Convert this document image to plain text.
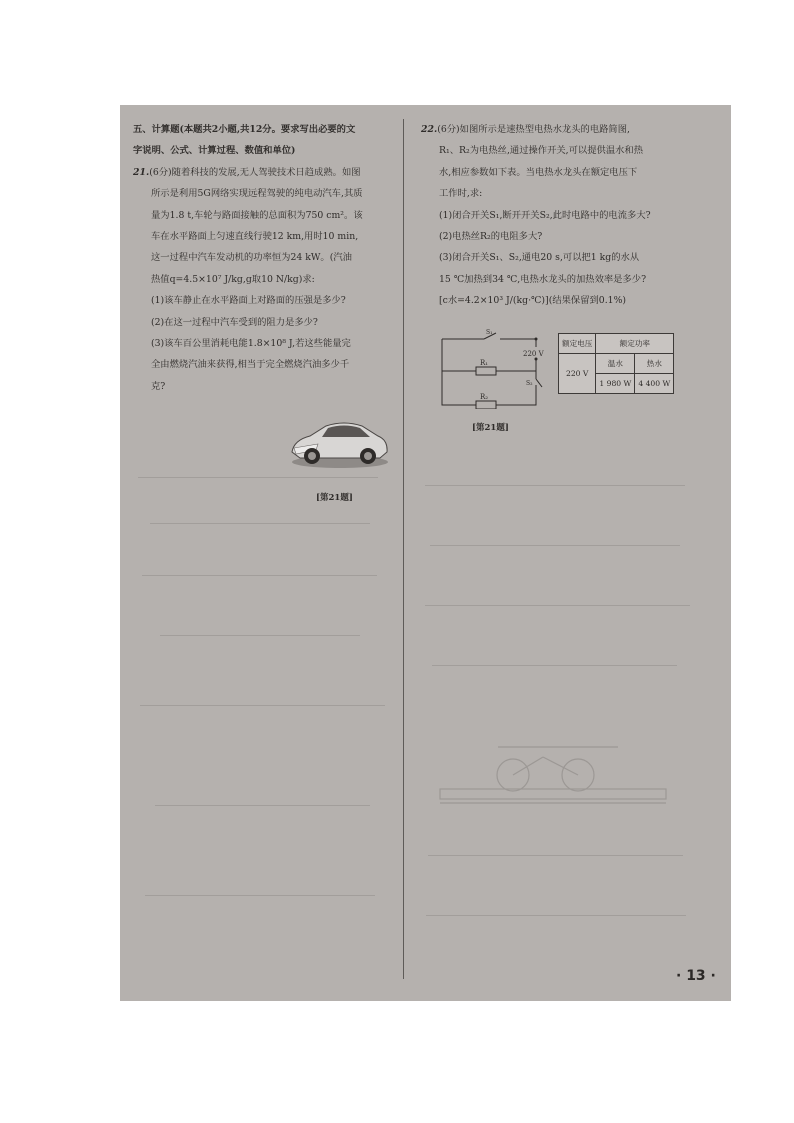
五、计算题(本题共2小题,共12分。要求写出必要的文
字说明、公式、计算过程、数值和单位)
21.(6分)随着科技的发展,无人驾驶技术日趋成熟。如图
所示是利用5G网络实现远程驾驶的纯电动汽车,其质
量为1.8 t,车轮与路面接触的总面积为750 cm²。该
车在水平路面上匀速直线行驶12 km,用时10 min,
这一过程中汽车发动机的功率恒为24 kW。(汽油
热值q=4.5×10⁷ J/kg,g取10 N/kg)求:
(1)该车静止在水平路面上对路面的压强是多少?
(2)在这一过程中汽车受到的阻力是多少?
(3)该车百公里消耗电能1.8×10⁸ J,若这些能量完
全由燃烧汽油来获得,相当于完全燃烧汽油多少千
克?
[第21题]
22.(6分)如图所示是速热型电热水龙头的电路简图,
R₁、R₂为电热丝,通过操作开关,可以提供温水和热
水,相应参数如下表。当电热水龙头在额定电压下
工作时,求:
(1)闭合开关S₁,断开开关S₂,此时电路中的电流多大?
(2)电热丝R₂的电阻多大?
(3)闭合开关S₁、S₂,通电20 s,可以把1 kg的水从
15 ℃加热到34 ℃,电热水龙头的加热效率是多少?
[c水=4.2×10³ J/(kg·℃)](结果保留到0.1%)
220 V
R₁
R₂
S₁
S₂
额定电压	额定功率	
220 V	温水	热水
	1 980 W	4 400 W
[第21题]
· 13 ·
